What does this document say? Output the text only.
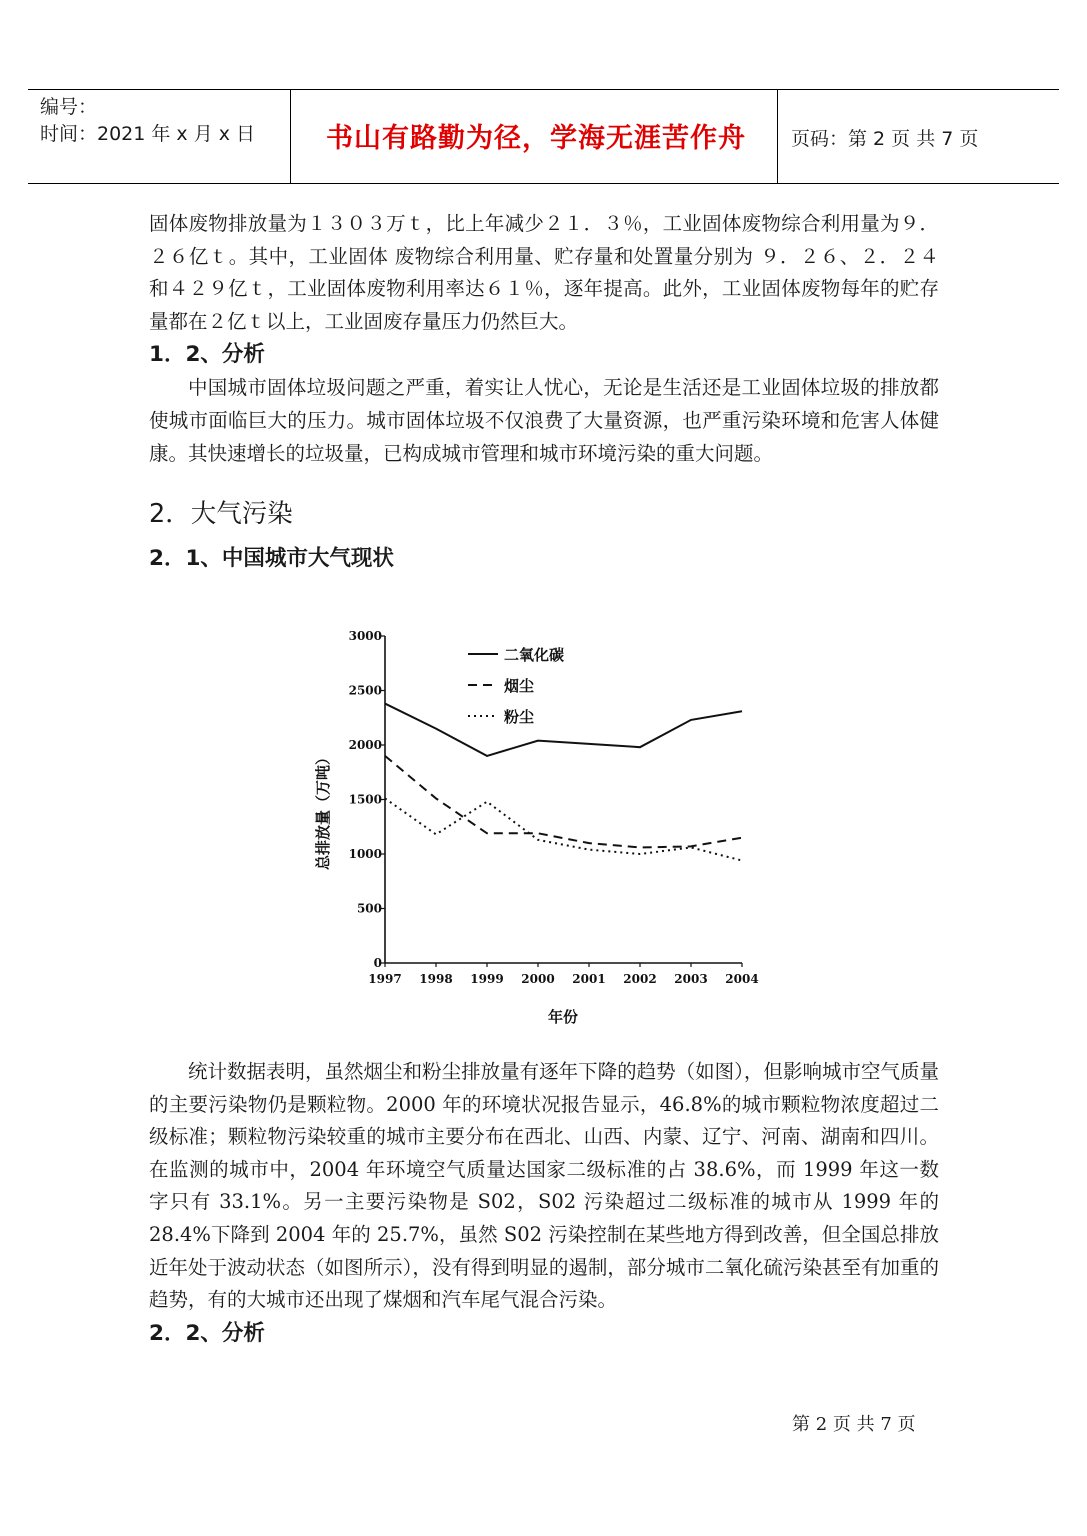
编号：
时间：2021 年 x 月 x 日	书山有路勤为径，学海无涯苦作舟	页码：第 2 页 共 7 页

固体废物排放量为１３０３万ｔ，比上年减少２１．３％，工业固体废物综合利用量为９．２６亿ｔ。其中，工业固体 废物综合利用量、贮存量和处置量分别为 ９．２６、２．２４和４２９亿ｔ，工业固体废物利用率达６１％，逐年提高。此外，工业固体废物每年的贮存量都在２亿ｔ以上，工业固废存量压力仍然巨大。

1．2、分析

中国城市固体垃圾问题之严重，着实让人忧心，无论是生活还是工业固体垃圾的排放都使城市面临巨大的压力。城市固体垃圾不仅浪费了大量资源，也严重污染环境和危害人体健康。其快速增长的垃圾量，已构成城市管理和城市环境污染的重大问题。

2．大气污染
2．1、中国城市大气现状
3000
2500
2000
1500
1000
500
0
1997 1998 1999 2000 2001 2002 2003 2004
二氧化碳
烟尘
粉尘
总排放量（万吨）
年份

统计数据表明，虽然烟尘和粉尘排放量有逐年下降的趋势（如图），但影响城市空气质量的主要污染物仍是颗粒物。2000 年的环境状况报告显示，46.8%的城市颗粒物浓度超过二级标准；颗粒物污染较重的城市主要分布在西北、山西、内蒙、辽宁、河南、湖南和四川。在监测的城市中，2004 年环境空气质量达国家二级标准的占 38.6%，而 1999 年这一数字只有 33.1%。另一主要污染物是 S02，S02 污染超过二级标准的城市从 1999 年的 28.4%下降到 2004 年的 25.7%，虽然 S02 污染控制在某些地方得到改善，但全国总排放近年处于波动状态（如图所示），没有得到明显的遏制，部分城市二氧化硫污染甚至有加重的趋势，有的大城市还出现了煤烟和汽车尾气混合污染。

2．2、分析
第 2 页 共 7 页
